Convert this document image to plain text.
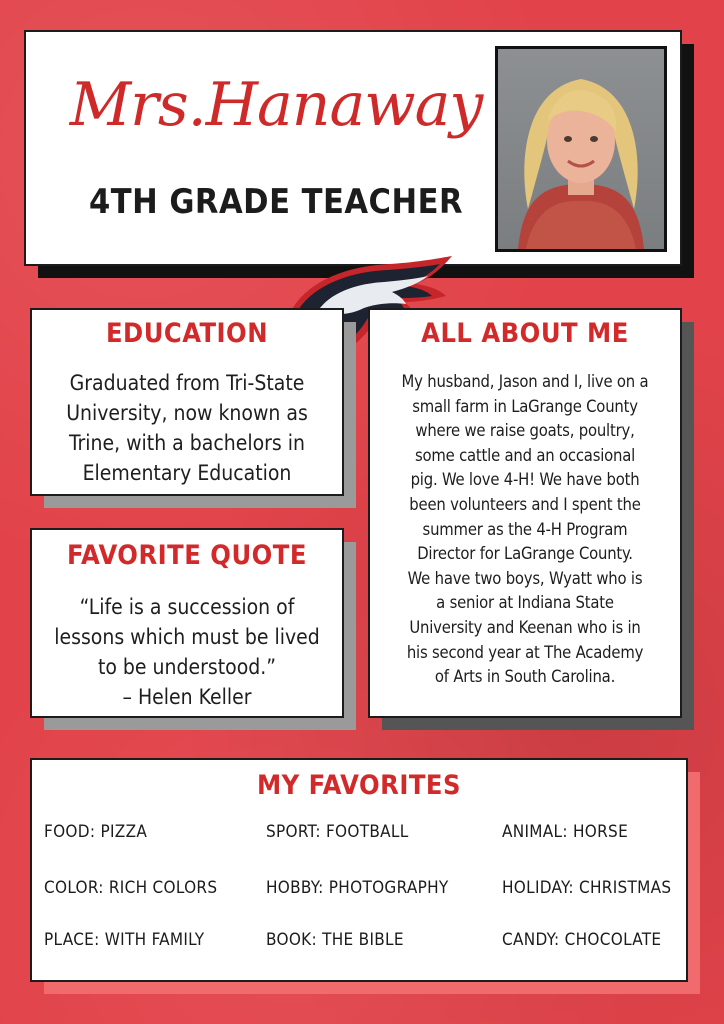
Mrs.Hanaway
4TH GRADE TEACHER
EDUCATION
Graduated from Tri-State
University, now known as
Trine, with a bachelors in
Elementary Education
FAVORITE QUOTE
“Life is a succession of
lessons which must be lived
to be understood.”
– Helen Keller
ALL ABOUT ME
My husband, Jason and I, live on a
small farm in LaGrange County
where we raise goats, poultry,
some cattle and an occasional
pig. We love 4-H! We have both
been volunteers and I spent the
summer as the 4-H Program
Director for LaGrange County.
We have two boys, Wyatt who is
a senior at Indiana State
University and Keenan who is in
his second year at The Academy
of Arts in South Carolina.
MY FAVORITES
FOOD: PIZZA	SPORT: FOOTBALL	ANIMAL: HORSE
COLOR: RICH COLORS	HOBBY: PHOTOGRAPHY	HOLIDAY: CHRISTMAS
PLACE: WITH FAMILY	BOOK: THE BIBLE	CANDY: CHOCOLATE
